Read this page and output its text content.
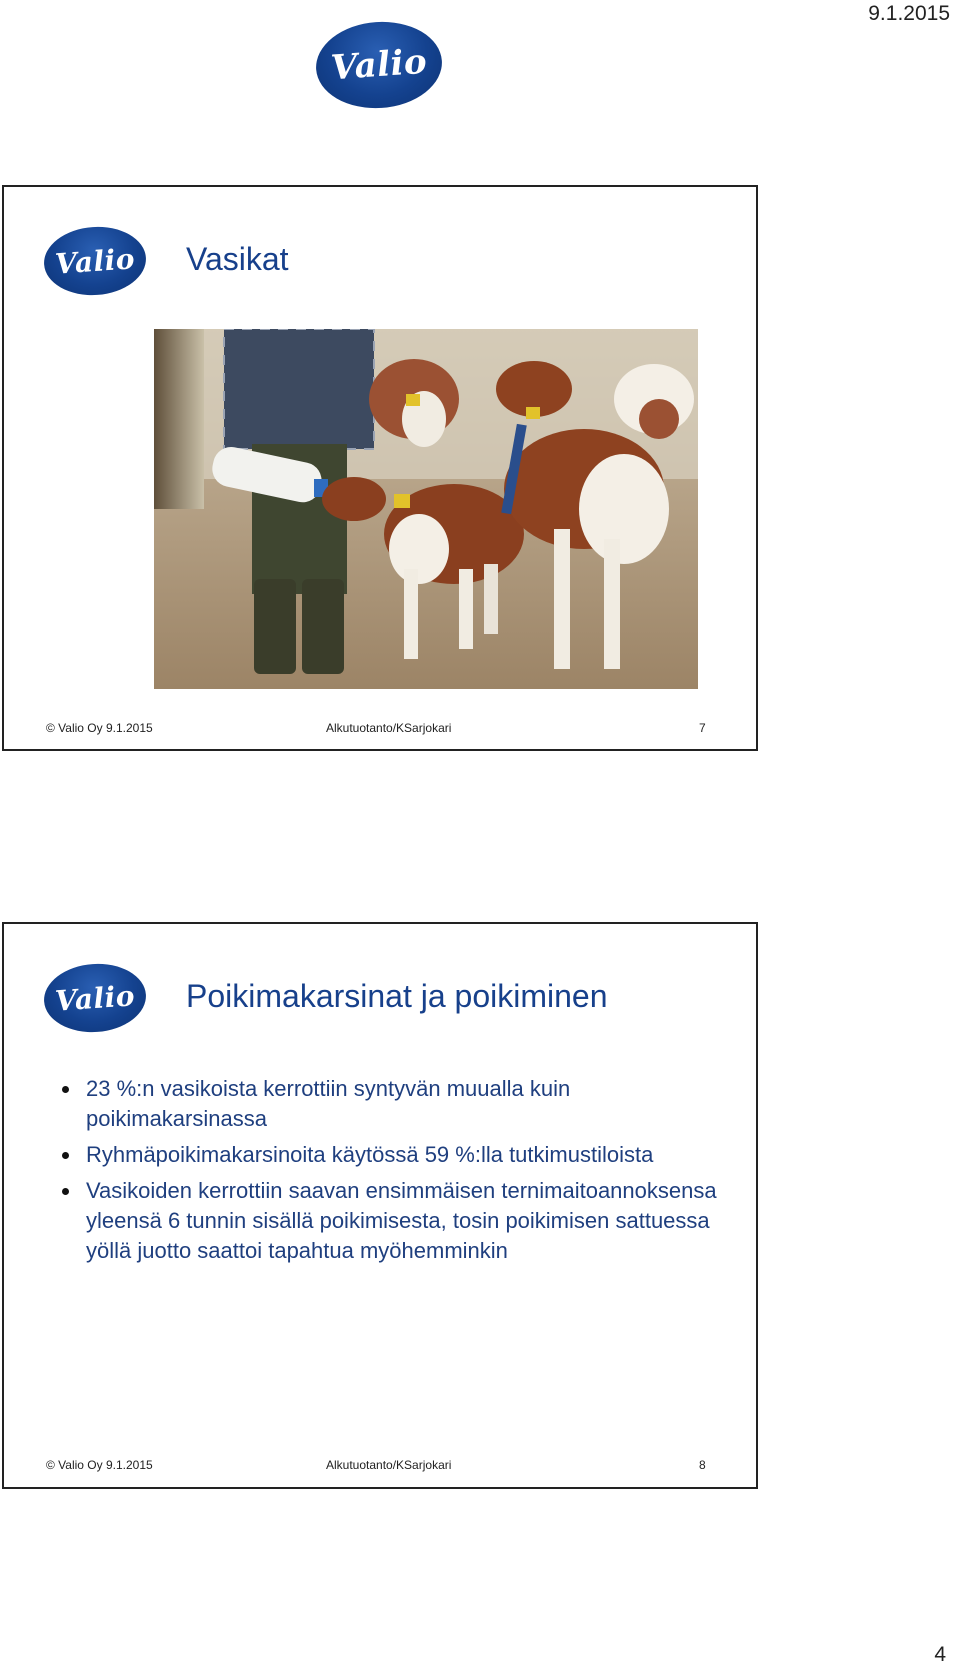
9.1.2015
Valio
Valio Vasikat
© Valio Oy 9.1.2015	Alkutuotanto/KSarjokari	7
Valio Poikimakarsinat ja poikiminen
23 %:n vasikoista kerrottiin syntyvän muualla kuin poikimakarsinassa
Ryhmäpoikimakarsinoita käytössä 59 %:lla tutkimustiloista
Vasikoiden kerrottiin saavan ensimmäisen ternimaitoannoksensa yleensä 6 tunnin sisällä poikimisesta, tosin poikimisen sattuessa yöllä juotto saattoi tapahtua myöhemminkin
© Valio Oy 9.1.2015	Alkutuotanto/KSarjokari	8
4
